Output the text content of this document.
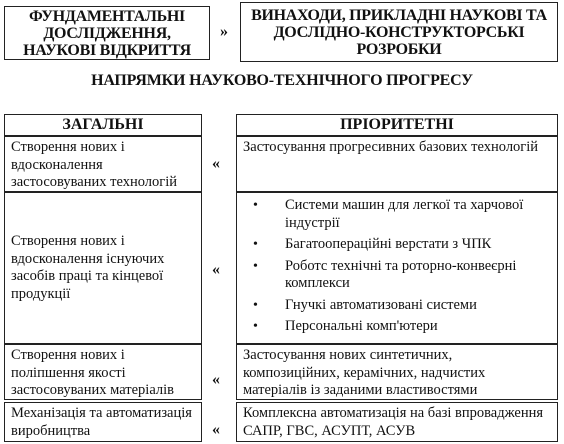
ФУНДАМЕНТАЛЬНІ ДОСЛІДЖЕННЯ, НАУКОВІ ВІДКРИТТЯ
»
ВИНАХОДИ, ПРИКЛАДНІ НАУКОВІ ТА ДОСЛІДНО-КОНСТРУКТОРСЬКІ РОЗРОБКИ
НАПРЯМКИ НАУКОВО-ТЕХНІЧНОГО ПРОГРЕСУ
ЗАГАЛЬНІ	ПРІОРИТЕТНІ
Створення нових і вдосконалення застосовуваних технологій
«
Застосування прогресивних базових технологій
Створення нових і вдосконалення існуючих засобів праці та кінцевої продукції
«
• Системи машин для легкої та харчової індустрії
• Багатоопераційні верстати з ЧПК
• Роботс технічні та роторно-конвеєрні комплекси
• Гнучкі автоматизовані системи
• Персональні комп'ютери
Створення нових і поліпшення якості застосовуваних матеріалів
«
Застосування нових синтетичних, композиційних, керамічних, надчистих матеріалів із заданими властивостями
Механізація та автоматизація виробництва	«
Комплексна автоматизація на базі впровадження САПР, ГВС, АСУПТ, АСУВ
